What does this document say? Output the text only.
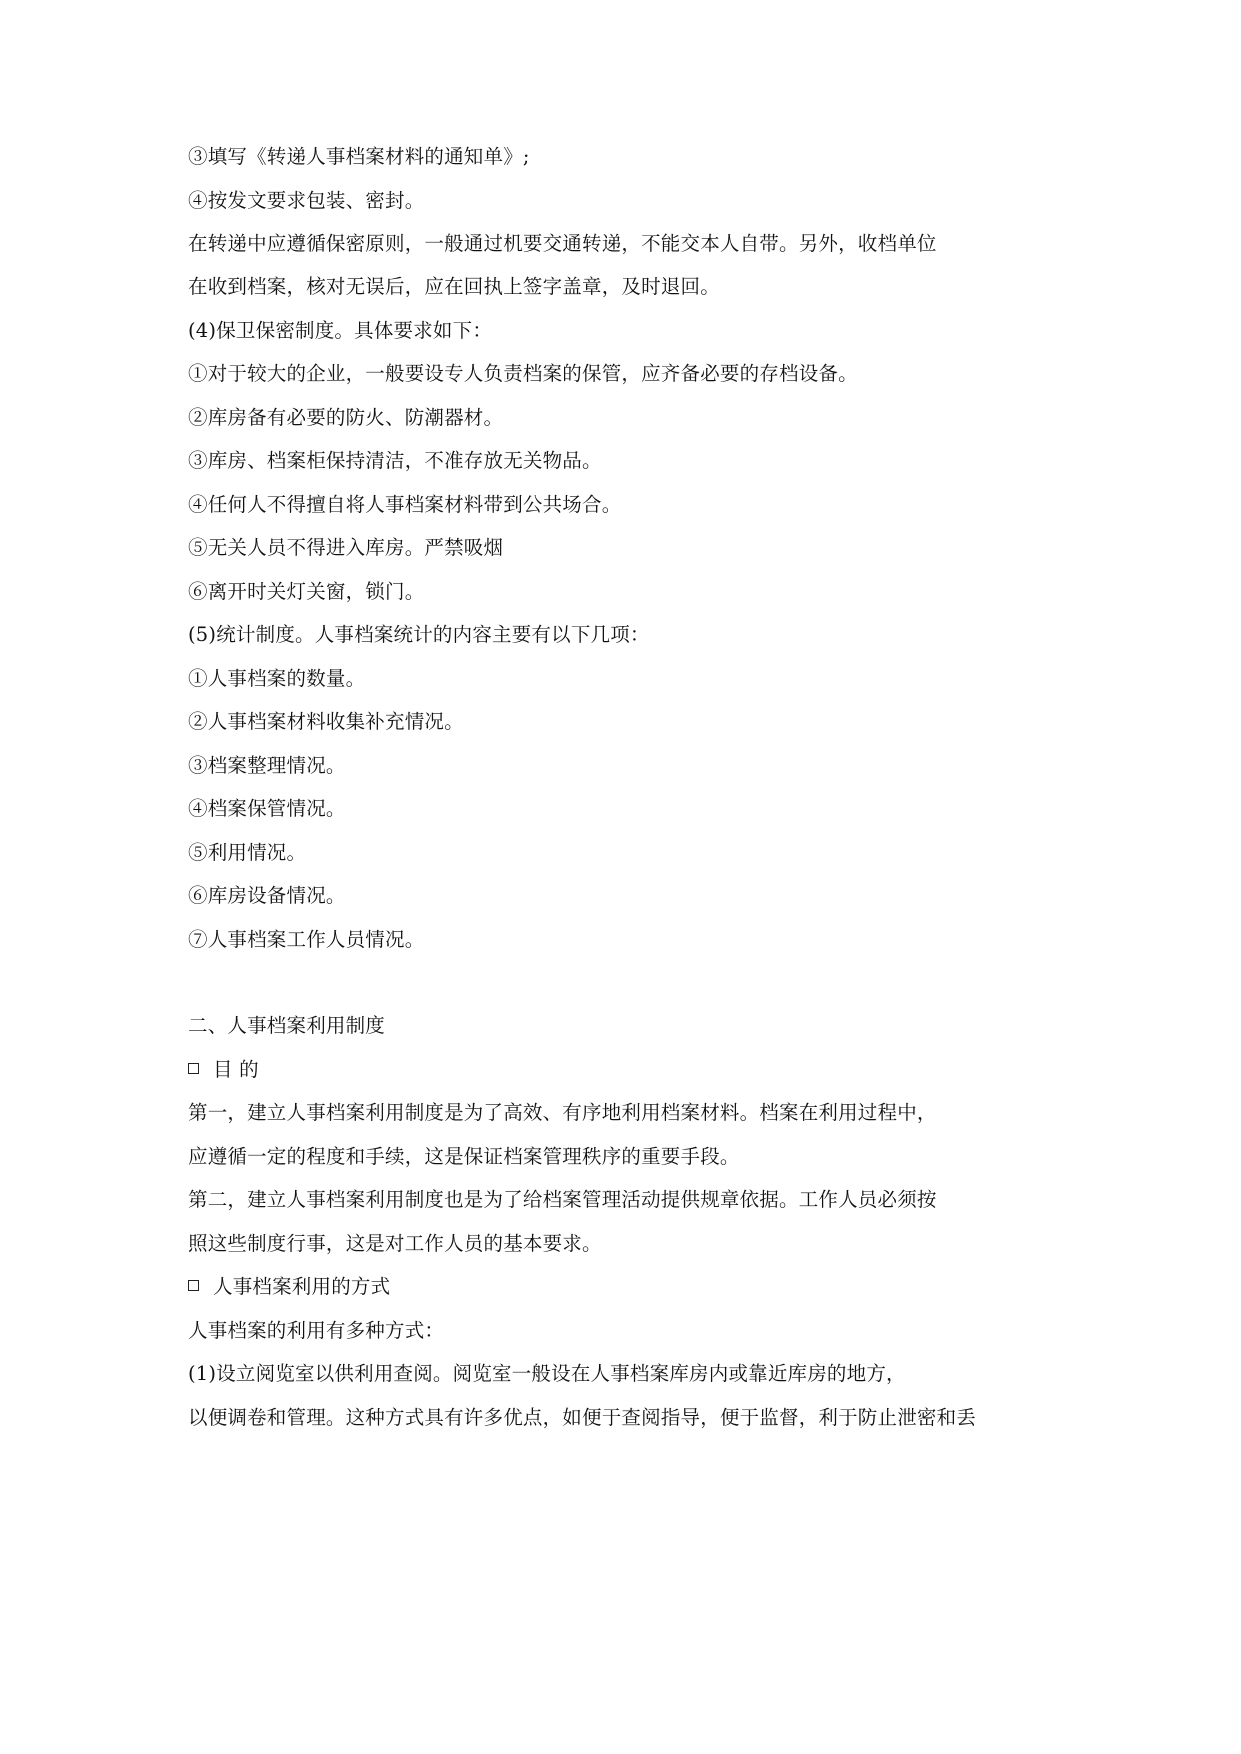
③填写《转递人事档案材料的通知单》;
④按发文要求包装、密封。
在转递中应遵循保密原则，一般通过机要交通转递，不能交本人自带。另外，收档单位
在收到档案，核对无误后，应在回执上签字盖章，及时退回。
(4)保卫保密制度。具体要求如下：
①对于较大的企业，一般要设专人负责档案的保管，应齐备必要的存档设备。
②库房备有必要的防火、防潮器材。
③库房、档案柜保持清洁，不准存放无关物品。
④任何人不得擅自将人事档案材料带到公共场合。
⑤无关人员不得进入库房。严禁吸烟
⑥离开时关灯关窗，锁门。
(5)统计制度。人事档案统计的内容主要有以下几项：
①人事档案的数量。
②人事档案材料收集补充情况。
③档案整理情况。
④档案保管情况。
⑤利用情况。
⑥库房设备情况。
⑦人事档案工作人员情况。
二、人事档案利用制度
目 的
第一，建立人事档案利用制度是为了高效、有序地利用档案材料。档案在利用过程中，
应遵循一定的程度和手续，这是保证档案管理秩序的重要手段。
第二，建立人事档案利用制度也是为了给档案管理活动提供规章依据。工作人员必须按
照这些制度行事，这是对工作人员的基本要求。
人事档案利用的方式
人事档案的利用有多种方式：
(1)设立阅览室以供利用查阅。阅览室一般设在人事档案库房内或靠近库房的地方，
以便调卷和管理。这种方式具有许多优点，如便于查阅指导，便于监督，利于防止泄密和丢
